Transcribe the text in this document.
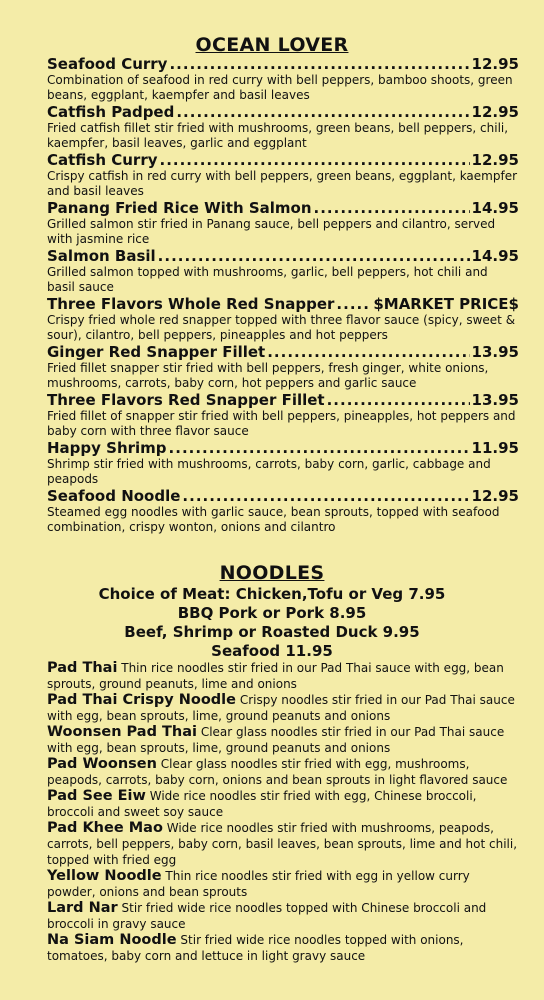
OCEAN LOVER
Seafood Curry .....	12.95
Combination of seafood in red curry with bell peppers, bamboo shoots, green beans, eggplant, kaempfer and basil leaves
Catfish Padped .....	12.95
Fried catfish fillet stir fried with mushrooms, green beans, bell peppers, chili, kaempfer, basil leaves, garlic and eggplant
Catfish Curry .....	12.95
Crispy catfish in red curry with bell peppers, green beans, eggplant, kaempfer and basil leaves
Panang Fried Rice With Salmon .....	14.95
Grilled salmon stir fried in Panang sauce, bell peppers and cilantro, served with jasmine rice
Salmon Basil .....	14.95
Grilled salmon topped with mushrooms, garlic, bell peppers, hot chili and basil sauce
Three Flavors Whole Red Snapper .....	$MARKET PRICE$
Crispy fried whole red snapper topped with three flavor sauce (spicy, sweet & sour), cilantro, bell peppers, pineapples and hot peppers
Ginger Red Snapper Fillet .....	13.95
Fried fillet snapper stir fried with bell peppers, fresh ginger, white onions, mushrooms, carrots, baby corn, hot peppers and garlic sauce
Three Flavors Red Snapper Fillet .....	13.95
Fried fillet of snapper stir fried with bell peppers, pineapples, hot peppers and baby corn with three flavor sauce
Happy Shrimp .....	11.95
Shrimp stir fried with mushrooms, carrots, baby corn, garlic, cabbage and peapods
Seafood Noodle .....	12.95
Steamed egg noodles with garlic sauce, bean sprouts, topped with seafood combination, crispy wonton, onions and cilantro
NOODLES
Choice of Meat: Chicken,Tofu or Veg 7.95
BBQ Pork or Pork 8.95
Beef, Shrimp or Roasted Duck 9.95
Seafood 11.95
Pad Thai Thin rice noodles stir fried in our Pad Thai sauce with egg, bean sprouts, ground peanuts, lime and onions
Pad Thai Crispy Noodle Crispy noodles stir fried in our Pad Thai sauce with egg, bean sprouts, lime, ground peanuts and onions
Woonsen Pad Thai Clear glass noodles stir fried in our Pad Thai sauce with egg, bean sprouts, lime, ground peanuts and onions
Pad Woonsen Clear glass noodles stir fried with egg, mushrooms, peapods, carrots, baby corn, onions and bean sprouts in light flavored sauce
Pad See Eiw Wide rice noodles stir fried with egg, Chinese broccoli, broccoli and sweet soy sauce
Pad Khee Mao Wide rice noodles stir fried with mushrooms, peapods, carrots, bell peppers, baby corn, basil leaves, bean sprouts, lime and hot chili, topped with fried egg
Yellow Noodle Thin rice noodles stir fried with egg in yellow curry powder, onions and bean sprouts
Lard Nar Stir fried wide rice noodles topped with Chinese broccoli and broccoli in gravy sauce
Na Siam Noodle Stir fried wide rice noodles topped with onions, tomatoes, baby corn and lettuce in light gravy sauce
